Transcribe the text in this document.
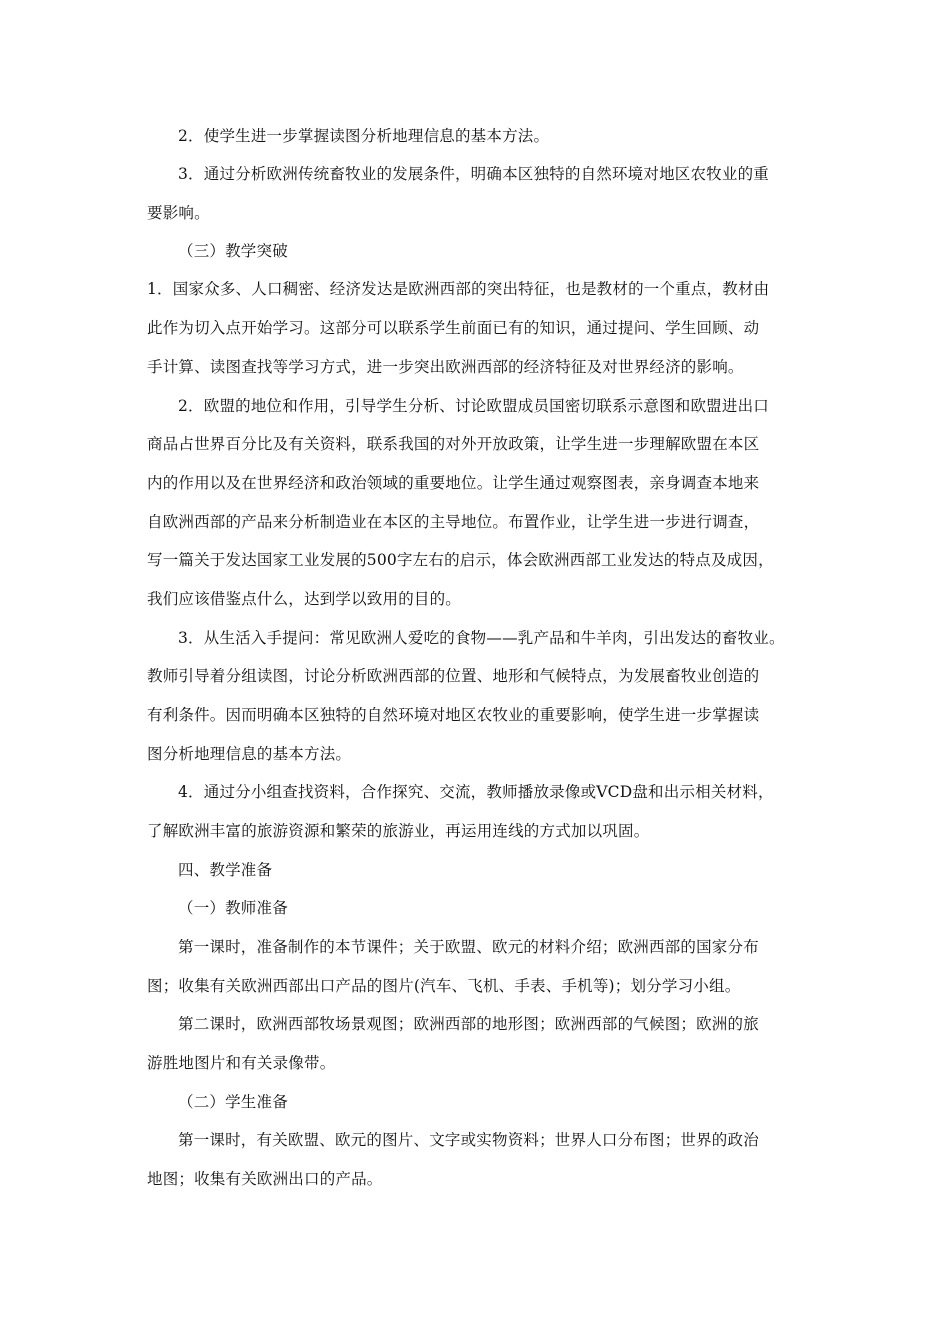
2．使学生进一步掌握读图分析地理信息的基本方法。
3．通过分析欧洲传统畜牧业的发展条件，明确本区独特的自然环境对地区农牧业的重
要影响。
（三）教学突破
1．国家众多、人口稠密、经济发达是欧洲西部的突出特征，也是教材的一个重点，教材由
此作为切入点开始学习。这部分可以联系学生前面已有的知识，通过提问、学生回顾、动
手计算、读图查找等学习方式，进一步突出欧洲西部的经济特征及对世界经济的影响。
2．欧盟的地位和作用，引导学生分析、讨论欧盟成员国密切联系示意图和欧盟进出口
商品占世界百分比及有关资料，联系我国的对外开放政策，让学生进一步理解欧盟在本区
内的作用以及在世界经济和政治领域的重要地位。让学生通过观察图表，亲身调查本地来
自欧洲西部的产品来分析制造业在本区的主导地位。布置作业，让学生进一步进行调查，
写一篇关于发达国家工业发展的500字左右的启示，体会欧洲西部工业发达的特点及成因，
我们应该借鉴点什么，达到学以致用的目的。
3．从生活入手提问：常见欧洲人爱吃的食物——乳产品和牛羊肉，引出发达的畜牧业。
教师引导着分组读图，讨论分析欧洲西部的位置、地形和气候特点，为发展畜牧业创造的
有利条件。因而明确本区独特的自然环境对地区农牧业的重要影响，使学生进一步掌握读
图分析地理信息的基本方法。
4．通过分小组查找资料，合作探究、交流，教师播放录像或VCD盘和出示相关材料，
了解欧洲丰富的旅游资源和繁荣的旅游业，再运用连线的方式加以巩固。
四、教学准备
（一）教师准备
第一课时，准备制作的本节课件；关于欧盟、欧元的材料介绍；欧洲西部的国家分布
图；收集有关欧洲西部出口产品的图片(汽车、飞机、手表、手机等)；划分学习小组。
第二课时，欧洲西部牧场景观图；欧洲西部的地形图；欧洲西部的气候图；欧洲的旅
游胜地图片和有关录像带。
（二）学生准备
第一课时，有关欧盟、欧元的图片、文字或实物资料；世界人口分布图；世界的政治
地图；收集有关欧洲出口的产品。
